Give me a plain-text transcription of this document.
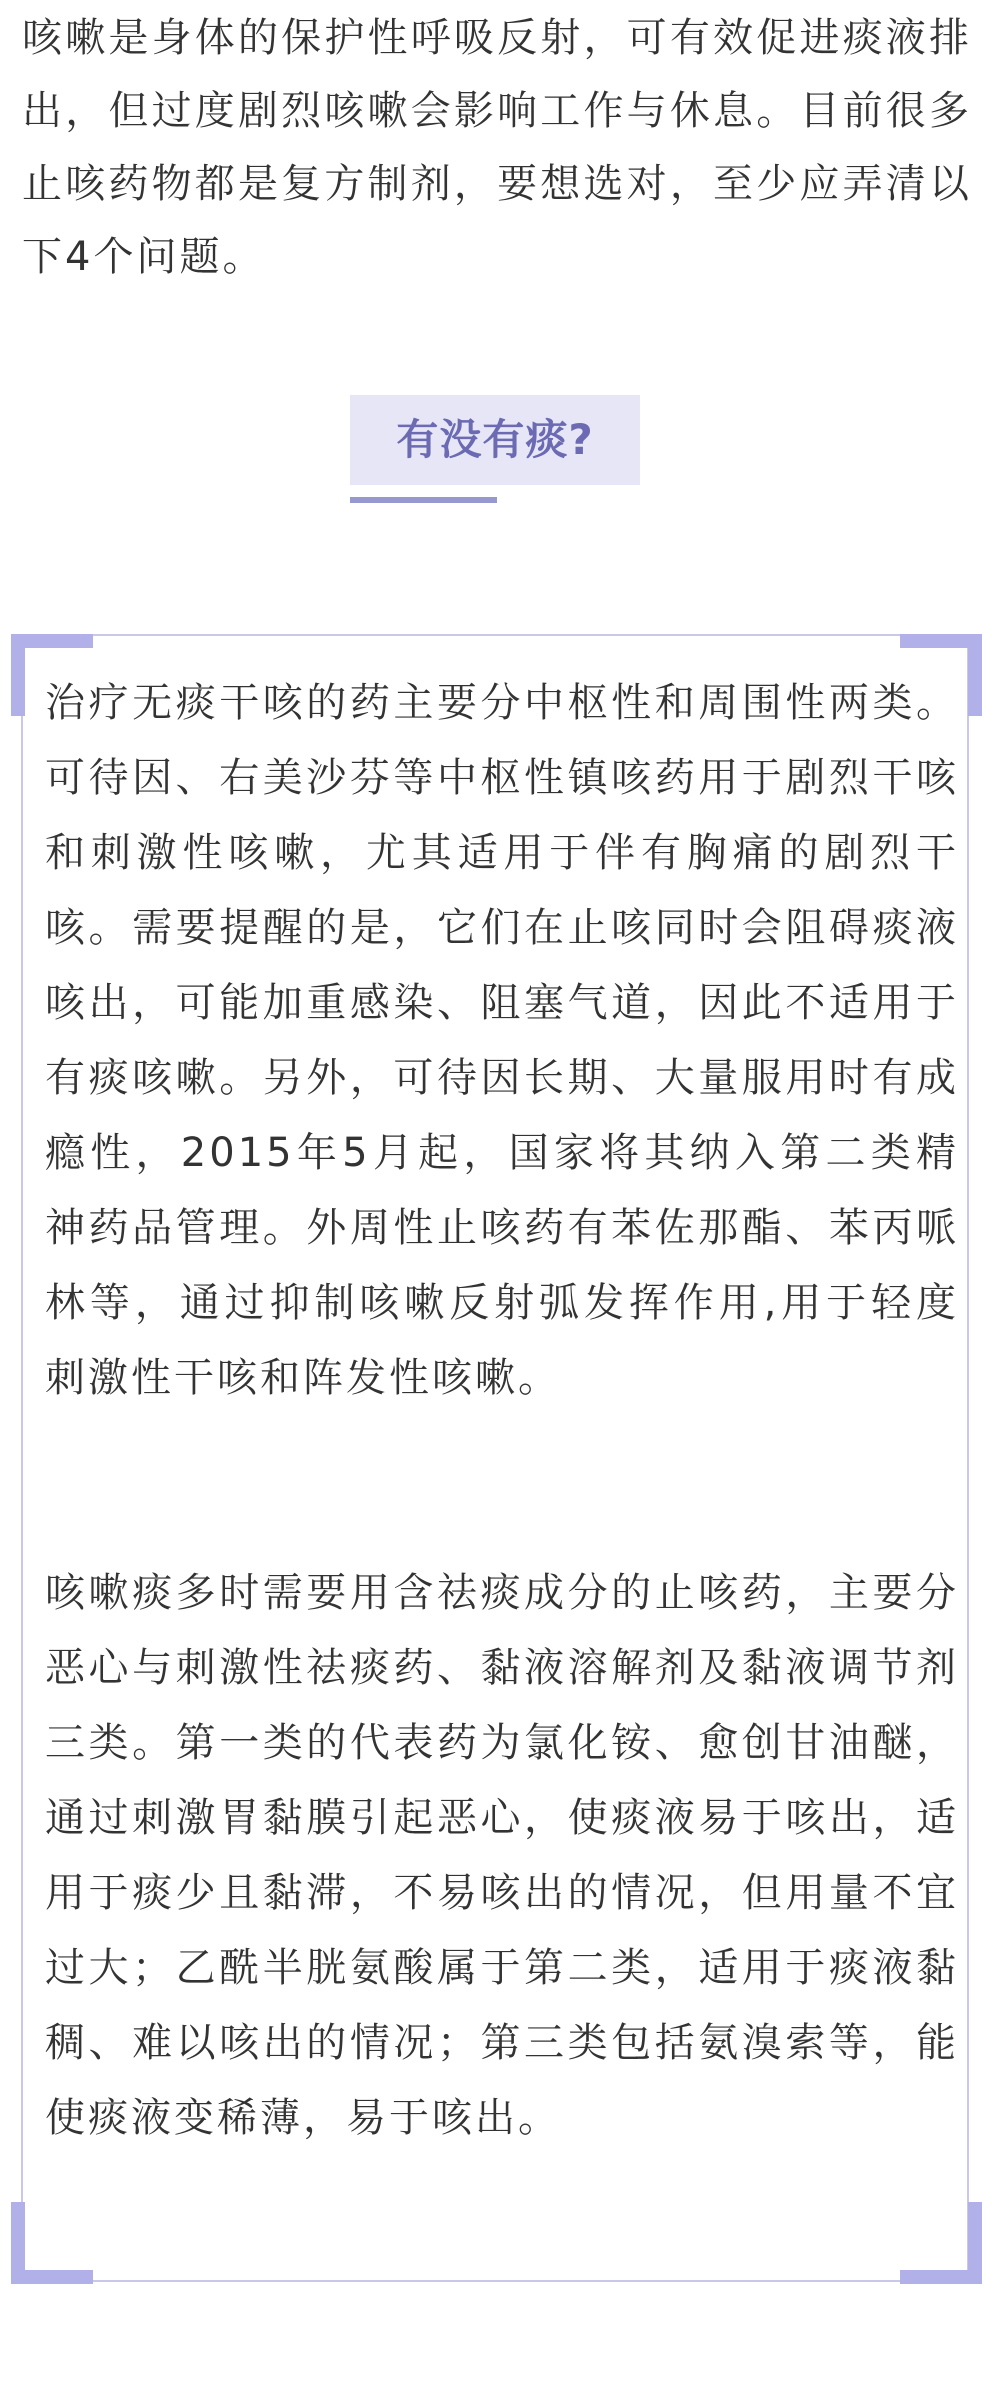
咳嗽是身体的保护性呼吸反射，可有效促进痰液排出，但过度剧烈咳嗽会影响工作与休息。目前很多止咳药物都是复方制剂，要想选对，至少应弄清以下4个问题。

有没有痰?

治疗无痰干咳的药主要分中枢性和周围性两类。可待因、右美沙芬等中枢性镇咳药用于剧烈干咳和刺激性咳嗽，尤其适用于伴有胸痛的剧烈干咳。需要提醒的是，它们在止咳同时会阻碍痰液咳出，可能加重感染、阻塞气道，因此不适用于有痰咳嗽。另外，可待因长期、大量服用时有成瘾性，2015年5月起，国家将其纳入第二类精神药品管理。外周性止咳药有苯佐那酯、苯丙哌林等，通过抑制咳嗽反射弧发挥作用,用于轻度刺激性干咳和阵发性咳嗽。

咳嗽痰多时需要用含祛痰成分的止咳药，主要分恶心与刺激性祛痰药、黏液溶解剂及黏液调节剂三类。第一类的代表药为氯化铵、愈创甘油醚，通过刺激胃黏膜引起恶心，使痰液易于咳出，适用于痰少且黏滞，不易咳出的情况，但用量不宜过大；乙酰半胱氨酸属于第二类，适用于痰液黏稠、难以咳出的情况；第三类包括氨溴索等，能使痰液变稀薄，易于咳出。
